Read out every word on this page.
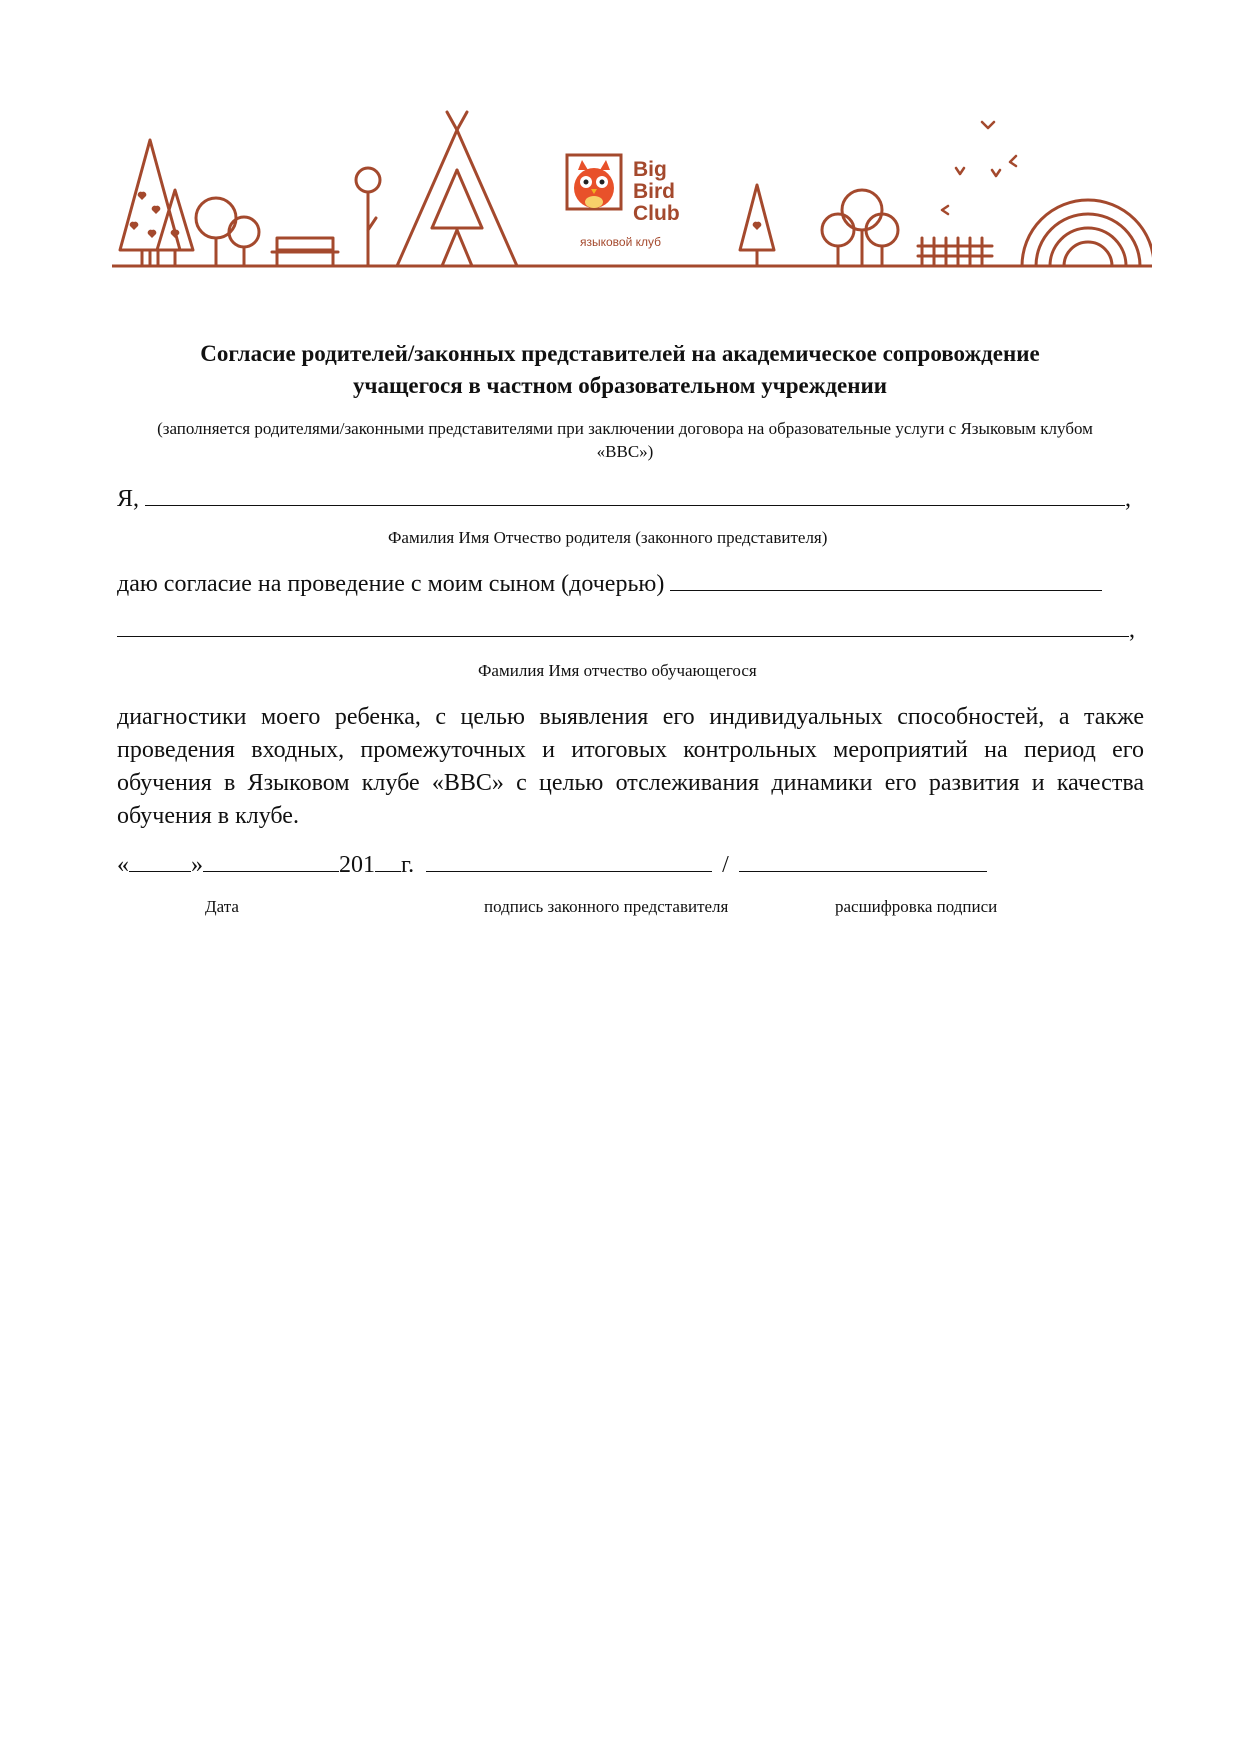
Big
Bird
Club
языковой клуб
Согласие родителей/законных представителей на академическое сопровождение
учащегося в частном образовательном учреждении
(заполняется родителями/законными представителями при заключении договора на образовательные услуги с Языковым клубом «ВВС»)
Я,	,
Фамилия Имя Отчество родителя (законного представителя)
даю согласие на проведение с моим сыном (дочерью)
,
Фамилия Имя отчество обучающегося
диагностики моего ребенка, с целью выявления его индивидуальных способностей, а также проведения входных, промежуточных и итоговых контрольных мероприятий на период его обучения в Языковом клубе «ВВС» с целью отслеживания динамики его развития и качества обучения в клубе.
«	»	201 г.	/
Дата	подпись законного представителя	расшифровка подписи
